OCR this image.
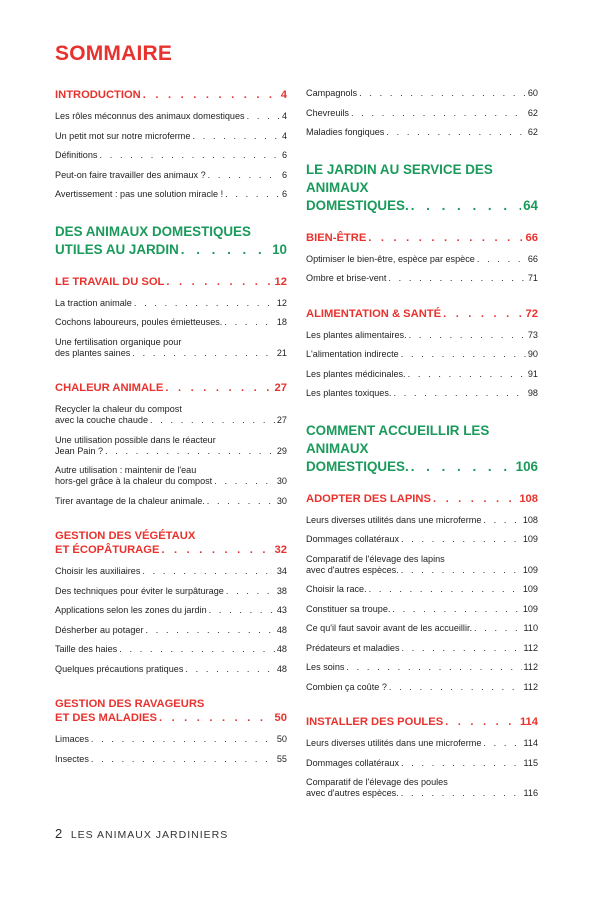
SOMMAIRE
INTRODUCTION . . .	4
Les rôles méconnus des animaux domestiques . . .	4
Un petit mot sur notre microferme . . .	4
Définitions . . .	6
Peut-on faire travailler des animaux ? . . .	6
Avertissement : pas une solution miracle ! . . .	6
DES ANIMAUX DOMESTIQUES
UTILES AU JARDIN . . .	10
LE TRAVAIL DU SOL . . .	12
La traction animale . . .	12
Cochons laboureurs, poules émietteuses. . . .	18
Une fertilisation organique pour
des plantes saines . . .	21
CHALEUR ANIMALE . . .	27
Recycler la chaleur du compost
avec la couche chaude . . .	27
Une utilisation possible dans le réacteur
Jean Pain ? . . .	29
Autre utilisation : maintenir de l'eau
hors-gel grâce à la chaleur du compost . . .	30
Tirer avantage de la chaleur animale. . . .	30
GESTION DES VÉGÉTAUX
ET ÉCOPÂTURAGE . . .	32
Choisir les auxiliaires . . .	34
Des techniques pour éviter le surpâturage . . .	38
Applications selon les zones du jardin . . .	43
Désherber au potager . . .	48
Taille des haies . . .	48
Quelques précautions pratiques . . .	48
GESTION DES RAVAGEURS
ET DES MALADIES . . .	50
Limaces . . .	50
Insectes . . .	55
Campagnols . . .	60
Chevreuils . . .	62
Maladies fongiques . . .	62
LE JARDIN AU SERVICE DES ANIMAUX
DOMESTIQUES. . . .	64
BIEN-ÊTRE . . .	66
Optimiser le bien-être, espèce par espèce . . .	66
Ombre et brise-vent . . .	71
ALIMENTATION & SANTÉ . . .	72
Les plantes alimentaires. . . .	73
L'alimentation indirecte . . .	90
Les plantes médicinales. . . .	91
Les plantes toxiques. . . .	98
COMMENT ACCUEILLIR LES ANIMAUX
DOMESTIQUES. . . .	106
ADOPTER DES LAPINS . . .	108
Leurs diverses utilités dans une microferme . . .	108
Dommages collatéraux . . .	109
Comparatif de l'élevage des lapins
avec d'autres espèces. . . .	109
Choisir la race. . . .	109
Constituer sa troupe. . . .	109
Ce qu'il faut savoir avant de les accueillir. . . .	110
Prédateurs et maladies . . .	112
Les soins . . .	112
Combien ça coûte ? . . .	112
INSTALLER DES POULES . . .	114
Leurs diverses utilités dans une microferme . . .	114
Dommages collatéraux . . .	115
Comparatif de l'élevage des poules
avec d'autres espèces. . . .	116
2 LES ANIMAUX JARDINIERS
